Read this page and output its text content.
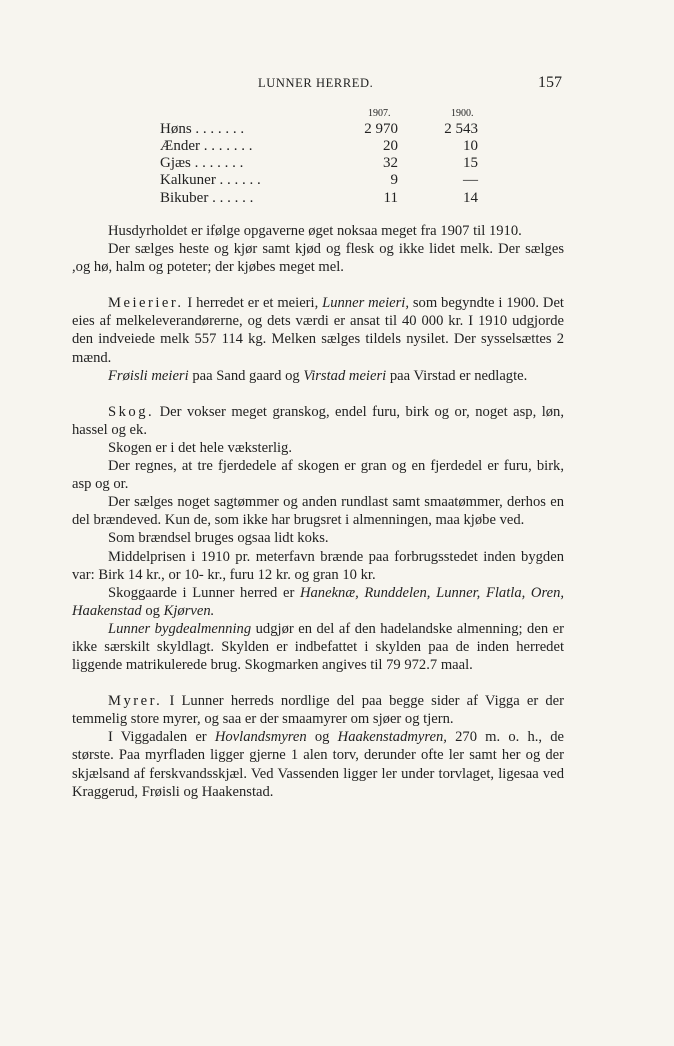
LUNNER HERRED.	157
1907.	1900.
Høns . . . . . . .	2 970	2 543
Ænder . . . . . . .	20	10
Gjæs . . . . . . .	32	15
Kalkuner . . . . . .	9	—
Bikuber . . . . . .	11	14

Husdyrholdet er ifølge opgaverne øget noksaa meget fra 1907 til 1910.

Der sælges heste og kjør samt kjød og flesk og ikke lidet melk. Der sælges ,og hø, halm og poteter; der kjøbes meget mel.

Meierier. I herredet er et meieri, Lunner meieri, som begyndte i 1900. Det eies af melkeleverandørerne, og dets værdi er ansat til 40 000 kr. I 1910 udgjorde den indveiede melk 557 114 kg. Melken sælges tildels nysilet. Der sysselsættes 2 mænd.

Frøisli meieri paa Sand gaard og Virstad meieri paa Virstad er nedlagte.

Skog. Der vokser meget granskog, endel furu, birk og or, noget asp, løn, hassel og ek.

Skogen er i det hele væksterlig.

Der regnes, at tre fjerdedele af skogen er gran og en fjerdedel er furu, birk, asp og or.

Der sælges noget sagtømmer og anden rundlast samt smaatømmer, derhos en del brændeved. Kun de, som ikke har brugsret i almenningen, maa kjøbe ved.

Som brændsel bruges ogsaa lidt koks.

Middelprisen i 1910 pr. meterfavn brænde paa forbrugsstedet inden bygden var: Birk 14 kr., or 10- kr., furu 12 kr. og gran 10 kr.

Skoggaarde i Lunner herred er Haneknæ, Runddelen, Lunner, Flatla, Oren, Haakenstad og Kjørven.

Lunner bygdealmenning udgjør en del af den hadelandske almenning; den er ikke særskilt skyldlagt. Skylden er indbefattet i skylden paa de inden herredet liggende matrikulerede brug. Skogmarken angives til 79 972.7 maal.

Myrer. I Lunner herreds nordlige del paa begge sider af Vigga er der temmelig store myrer, og saa er der smaamyrer om sjøer og tjern.

I Viggadalen er Hovlandsmyren og Haakenstadmyren, 270 m. o. h., de største. Paa myrfladen ligger gjerne 1 alen torv, derunder ofte ler samt her og der skjælsand af ferskvandsskjæl. Ved Vassenden ligger ler under torvlaget, ligesaa ved Kraggerud, Frøisli og Haakenstad.
